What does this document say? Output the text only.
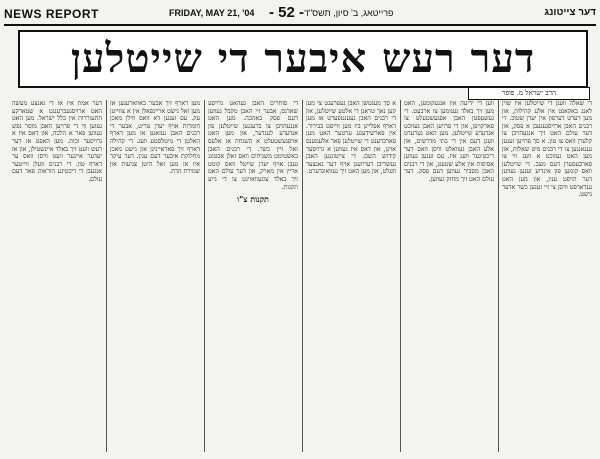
NEWS REPORT	FRIDAY, MAY 21, '04 - 52 - פרייטאג, ב' סיון, תשס"ד	דער צייטונג
דער רעש איבער די שייטלען
הרב ישראל מ. פופר

די שאלה וועגן די שייטלען איז שוין לאנג באקאנט אין אלע קהילות, און מען רעדט דערפון אין יעדן שטוב. די רבנים האבן ארויסגעגעבן א פסק, און דער עולם האט זיך אנגעהויבן צו קלערן וואס צו טון. א סך פרויען זענען געגאנגען צו די רבנים מיט שאלות, און מען האט געזוכט א וועג ווי צו פארבעסערן דעם מצב. די שייטלען וואס קומען פון אינדיע זענען געווען דער הויפט ענין, און מען האט געדארפט וויסן צי זיי זענען כשר אדער נישט.

ווען די ידיעה איז אנגעקומען, האט מען זיך באלד גענומען צו ארבעט. די געשעפטן האבן אפגעשטעלט צו פארקויפן, און די פרויען האבן געזוכט אנדערע שייטלען. מען האט גערעדט וועגן דעם אין די בתי מדרשים, און אלע האבן געוואלט וויסן וואס דער ריכטיגער וועג איז. עס זענען געווען אסיפות אין אלע שטעט, און די רבנים האבן מסביר געווען דעם פסק. דער עולם האט זיך מחזק געווען.

א סך מענטשן האבן געפרעגט צי מען קען נאך טראגן די אלטע שייטלען, און די רבנים האבן געענטפערט אז מען דארף אפלייגן ביז מען ווייסט בבירור. אין פארשידענע ערטער האט מען פארברענט די שייטלען פאר אלעמענס אויגן, און דאס איז געווען א גרויסער קידוש השם. די צייטונגען האבן געשריבן דערוועגן אויף דער גאנצער וועלט, און מען האט זיך געוואונדערט.

די סוחרים האבן געהאט גרויסע שאדנס, אבער זיי האבן מקבל געווען דעם פסק באהבה. מען האט אנגעהויבן צו ברענגען שייטלען פון אנדערע לענדער, און מען האט אויפגעשטעלט א השגחה אז אלעס זאל זיין כשר. די רבנים האבן באשטימט משגיחים וואס זאלן אכטונג געבן אויף יעדן שייטל וואס קומט אריין אין מארק, און דער עולם האט זיך באלד צוגעוואוינט צו די נייע תקנות.

תקנות צ"ו

מען דארף זיך אבער באווארענען אז מען זאל נישט אריינפאלן אין א צווייטן עק. עס זענען דא וואס ווילן מאכן חומרות אויף יעדן טריט, אבער די רבנים האבן געזאגט אז מען דארף האלטן די מיטלסטע וועג. די קהילה דארף זיך פאראייניגן און נישט מאכן מחלוקת איבער דעם ענין. דער עיקר איז אז מען זאל היטן צניעות און שמירת הדת.

דער אמת איז אז די גאנצע מעשה האט ארויסגעברענגט א שטארקע התעוררות אין כלל ישראל. מען האט געזען ווי די פרויען האבן מוסר נפש געווען פאר א הלכה, און דאס איז א גרויסער זכות. מען האפט אז דער רעש וועט זיך באלד איינשטילן, און אז יעדער איינער וועט וויסן וואס ער דארף טון. די רבנים וועלן ווייטער אנגעבן די ריכטיגע הוראות פאר דעם עולם.
